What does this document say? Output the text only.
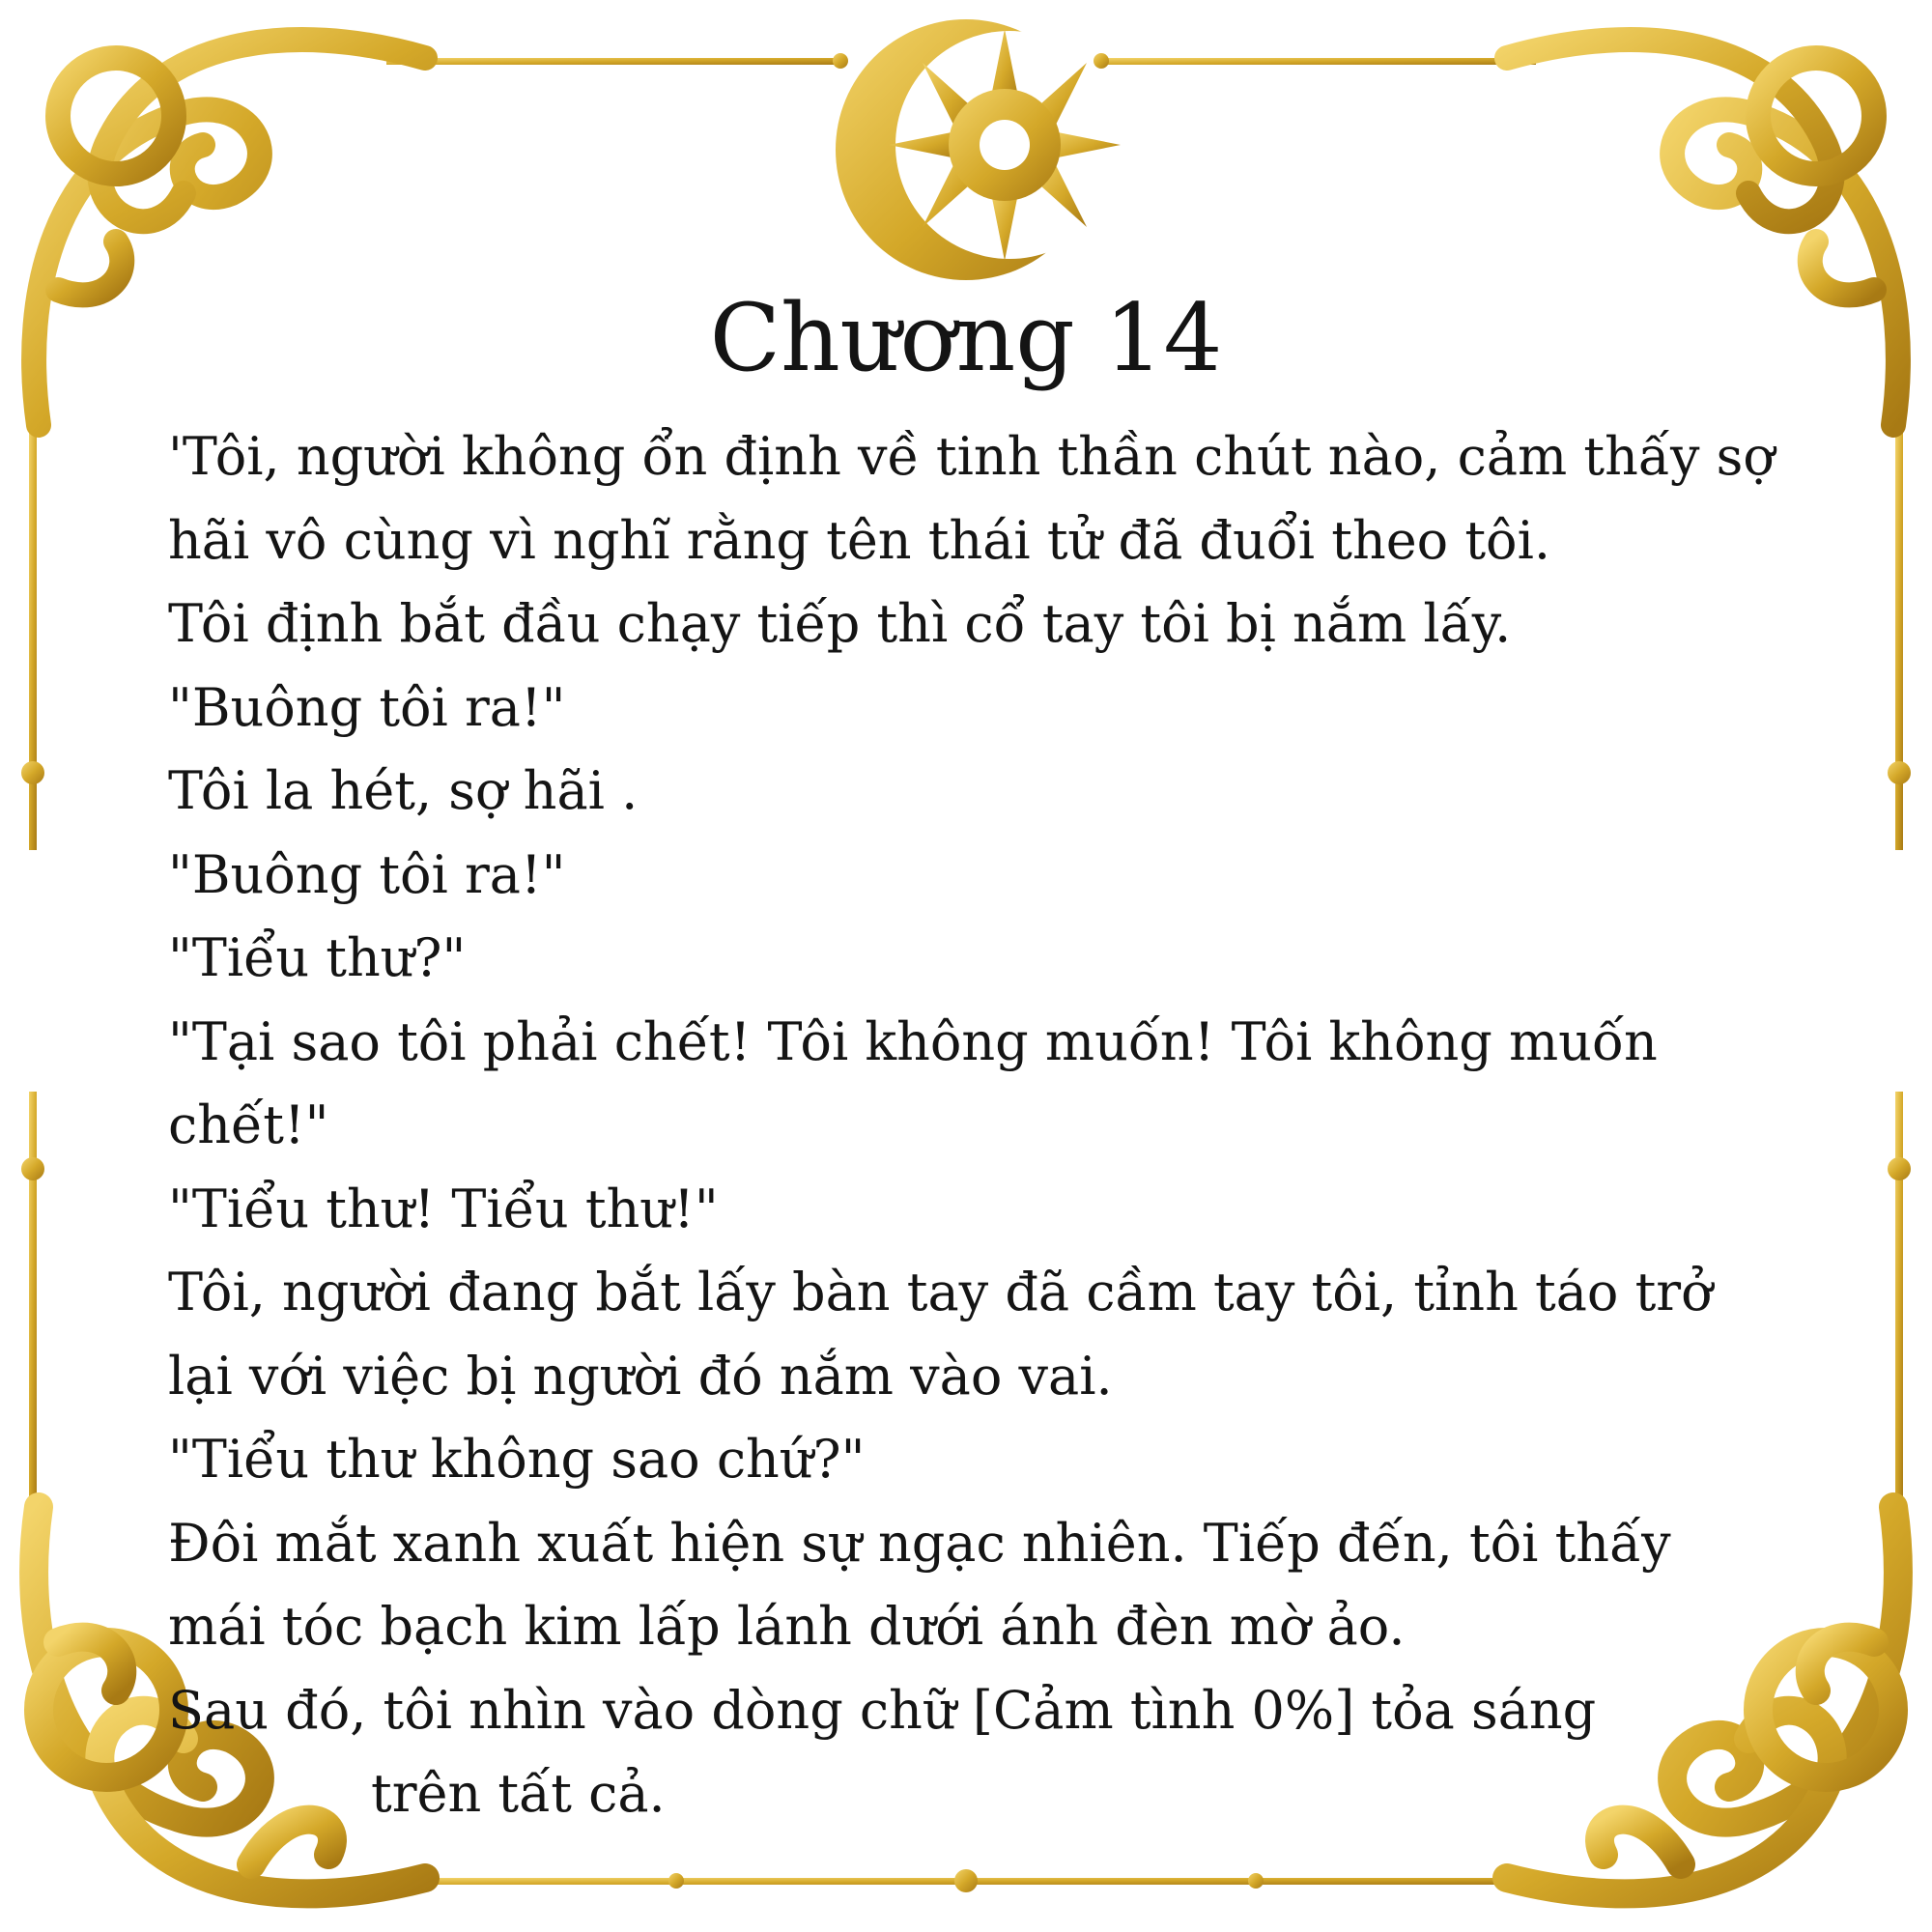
Chương 14

'Tôi, người không ổn định về tinh thần chút nào, cảm thấy sợ

hãi vô cùng vì nghĩ rằng tên thái tử đã đuổi theo tôi.

Tôi định bắt đầu chạy tiếp thì cổ tay tôi bị nắm lấy.

"Buông tôi ra!"

Tôi la hét, sợ hãi .

"Buông tôi ra!"

"Tiểu thư?"

"Tại sao tôi phải chết! Tôi không muốn! Tôi không muốn

chết!"

"Tiểu thư! Tiểu thư!"

Tôi, người đang bắt lấy bàn tay đã cầm tay tôi, tỉnh táo trở

lại với việc bị người đó nắm vào vai.

"Tiểu thư không sao chứ?"

Đôi mắt xanh xuất hiện sự ngạc nhiên. Tiếp đến, tôi thấy

mái tóc bạch kim lấp lánh dưới ánh đèn mờ ảo.

Sau đó, tôi nhìn vào dòng chữ [Cảm tình 0%] tỏa sáng

trên tất cả.
